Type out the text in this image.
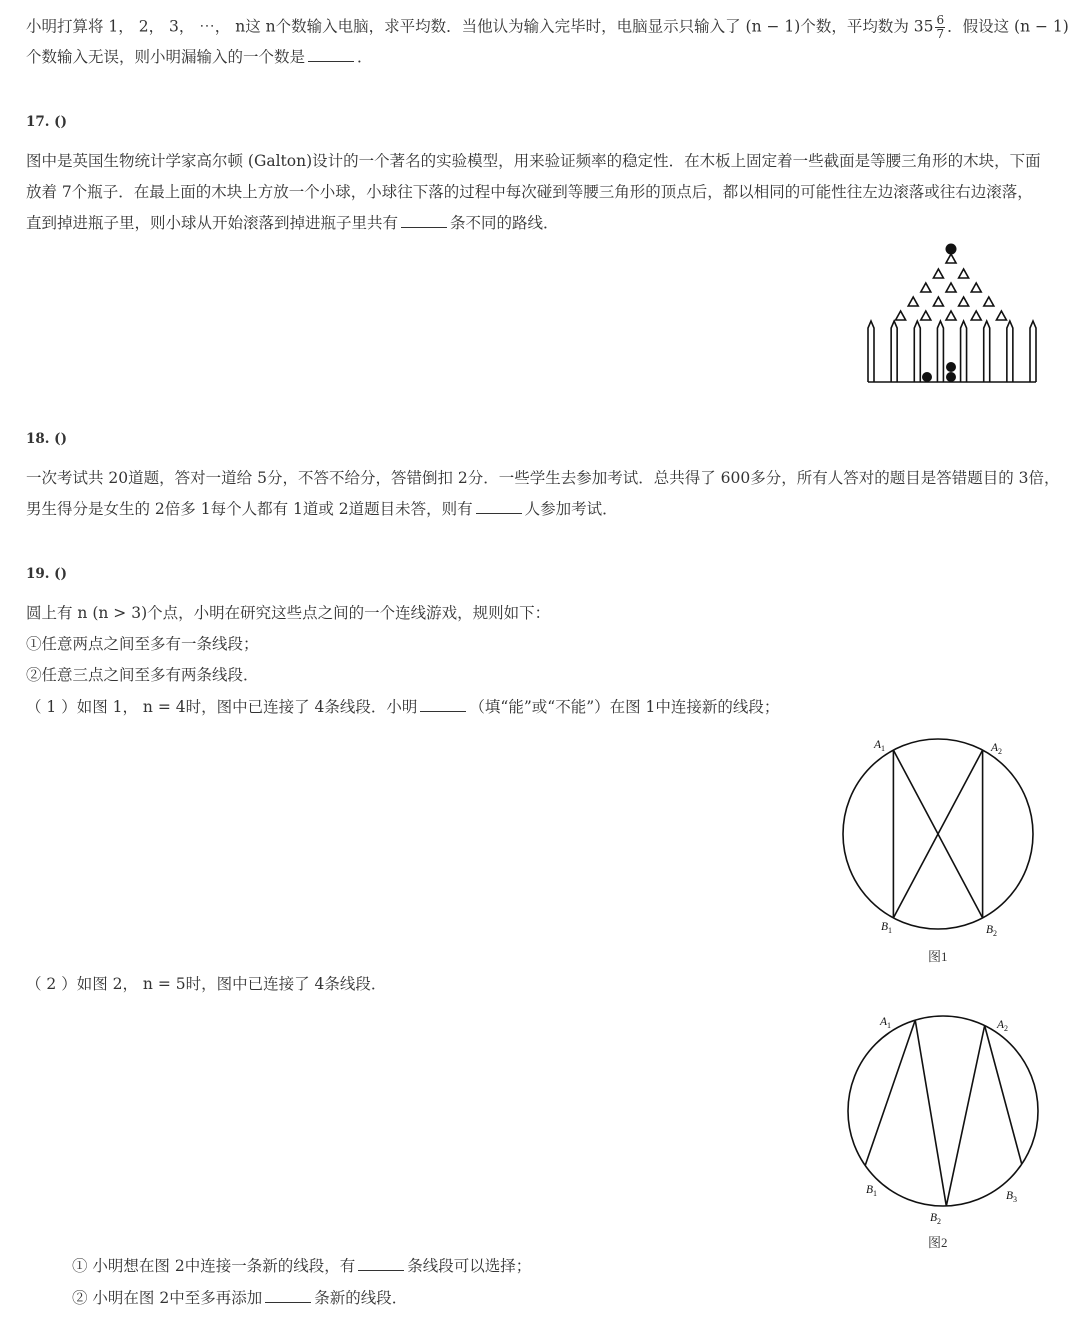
小明打算将 1， 2， 3， ⋯， n这 n个数输入电脑，求平均数．当他认为输入完毕时，电脑显示只输入了 (n − 1)个数，平均数为 $35 \frac{6}{7}$ ．假设这 (n − 1)
个数输入无误，则小明漏输入的一个数是	．
17. ()
图中是英国生物统计学家高尔顿 (Galton)设计的一个著名的实验模型，用来验证频率的稳定性．在木板上固定着一些截面是等腰三角形的木块，下面
放着 7个瓶子．在最上面的木块上方放一个小球，小球往下落的过程中每次碰到等腰三角形的顶点后，都以相同的可能性往左边滚落或往右边滚落，
直到掉进瓶子里，则小球从开始滚落到掉进瓶子里共有	条不同的路线．
18. ()
一次考试共 20道题，答对一道给 5分，不答不给分，答错倒扣 2分．一些学生去参加考试．总共得了 600多分，所有人答对的题目是答错题目的 3倍，
男生得分是女生的 2倍多 1每个人都有 1道或 2道题目未答，则有	人参加考试．
19. ()
圆上有 n (n > 3)个点，小明在研究这些点之间的一个连线游戏，规则如下：
①任意两点之间至多有一条线段；
②任意三点之间至多有两条线段．
（ 1 ）如图 1， n = 4时，图中已连接了 4条线段．小明	（填“能”或“不能”）在图 1中连接新的线段；
$A_1$	$A_2$
$B_1$	$B_2$
图1
（ 2 ）如图 2， n = 5时，图中已连接了 4条线段．
$A_1$	$A_2$
$B_1$
$B_2$
$B_3$
图2
① 小明想在图 2中连接一条新的线段，有	条线段可以选择；
② 小明在图 2中至多再添加	条新的线段．
